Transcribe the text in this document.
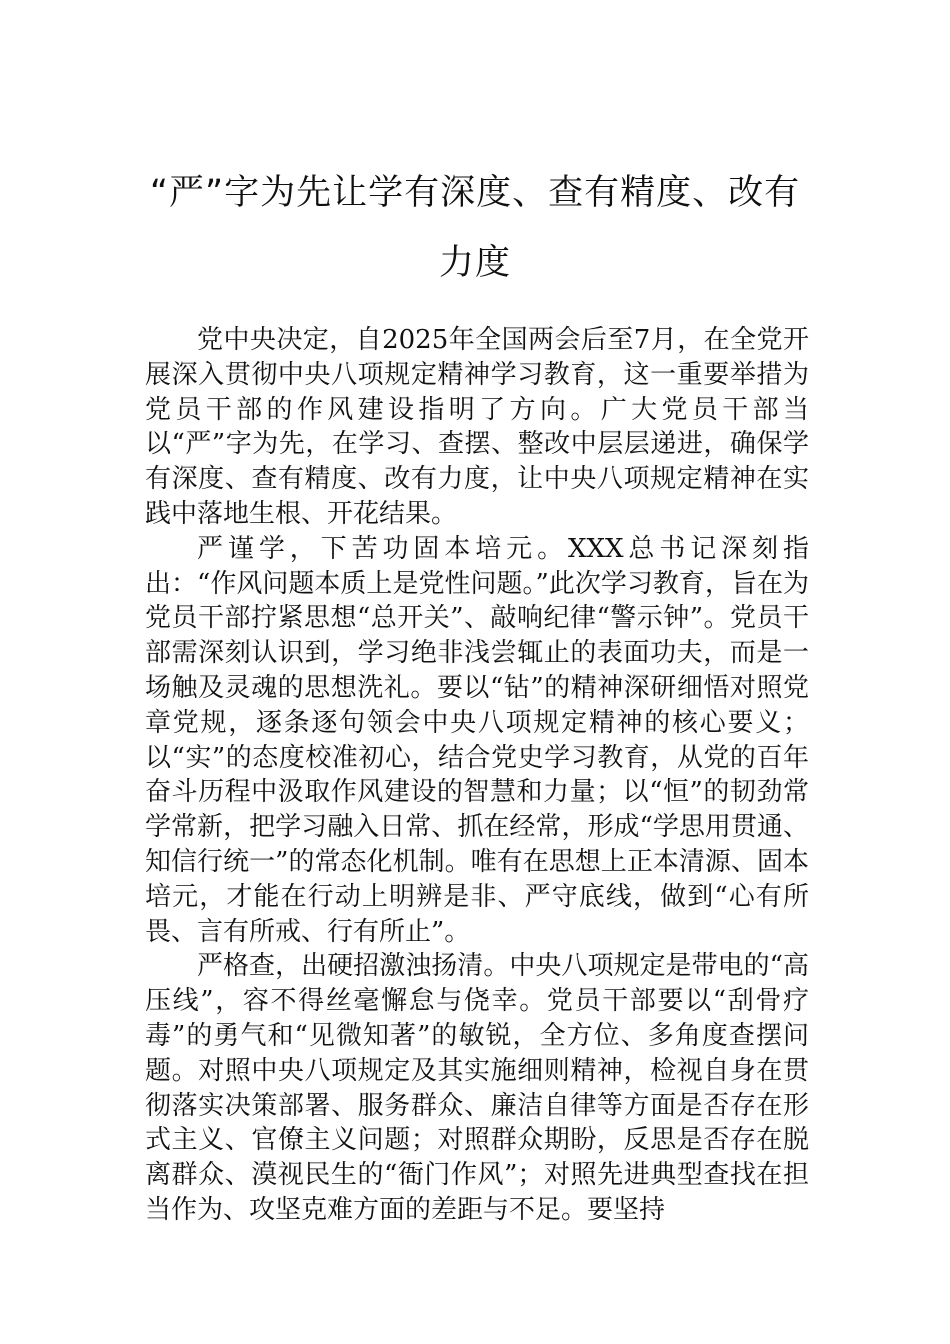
“严”字为先让学有深度、查有精度、改有
力度

党中央决定，自2025年全国两会后至7月，在全党开展深入贯彻中央八项规定精神学习教育，这一重要举措为党员干部的作风建设指明了方向。广大党员干部当以“严”字为先，在学习、查摆、整改中层层递进，确保学有深度、查有精度、改有力度，让中央八项规定精神在实践中落地生根、开花结果。

严谨学，下苦功固本培元。XXX总书记深刻指出：“作风问题本质上是党性问题。”此次学习教育，旨在为党员干部拧紧思想“总开关”、敲响纪律“警示钟”。党员干部需深刻认识到，学习绝非浅尝辄止的表面功夫，而是一场触及灵魂的思想洗礼。要以“钻”的精神深研细悟对照党章党规，逐条逐句领会中央八项规定精神的核心要义；以“实”的态度校准初心，结合党史学习教育，从党的百年奋斗历程中汲取作风建设的智慧和力量；以“恒”的韧劲常学常新，把学习融入日常、抓在经常，形成“学思用贯通、知信行统一”的常态化机制。唯有在思想上正本清源、固本培元，才能在行动上明辨是非、严守底线，做到“心有所畏、言有所戒、行有所止”。

严格查，出硬招激浊扬清。中央八项规定是带电的“高压线”，容不得丝毫懈怠与侥幸。党员干部要以“刮骨疗毒”的勇气和“见微知著”的敏锐，全方位、多角度查摆问题。对照中央八项规定及其实施细则精神，检视自身在贯彻落实决策部署、服务群众、廉洁自律等方面是否存在形式主义、官僚主义问题；对照群众期盼，反思是否存在脱离群众、漠视民生的“衙门作风”；对照先进典型查找在担当作为、攻坚克难方面的差距与不足。要坚持
